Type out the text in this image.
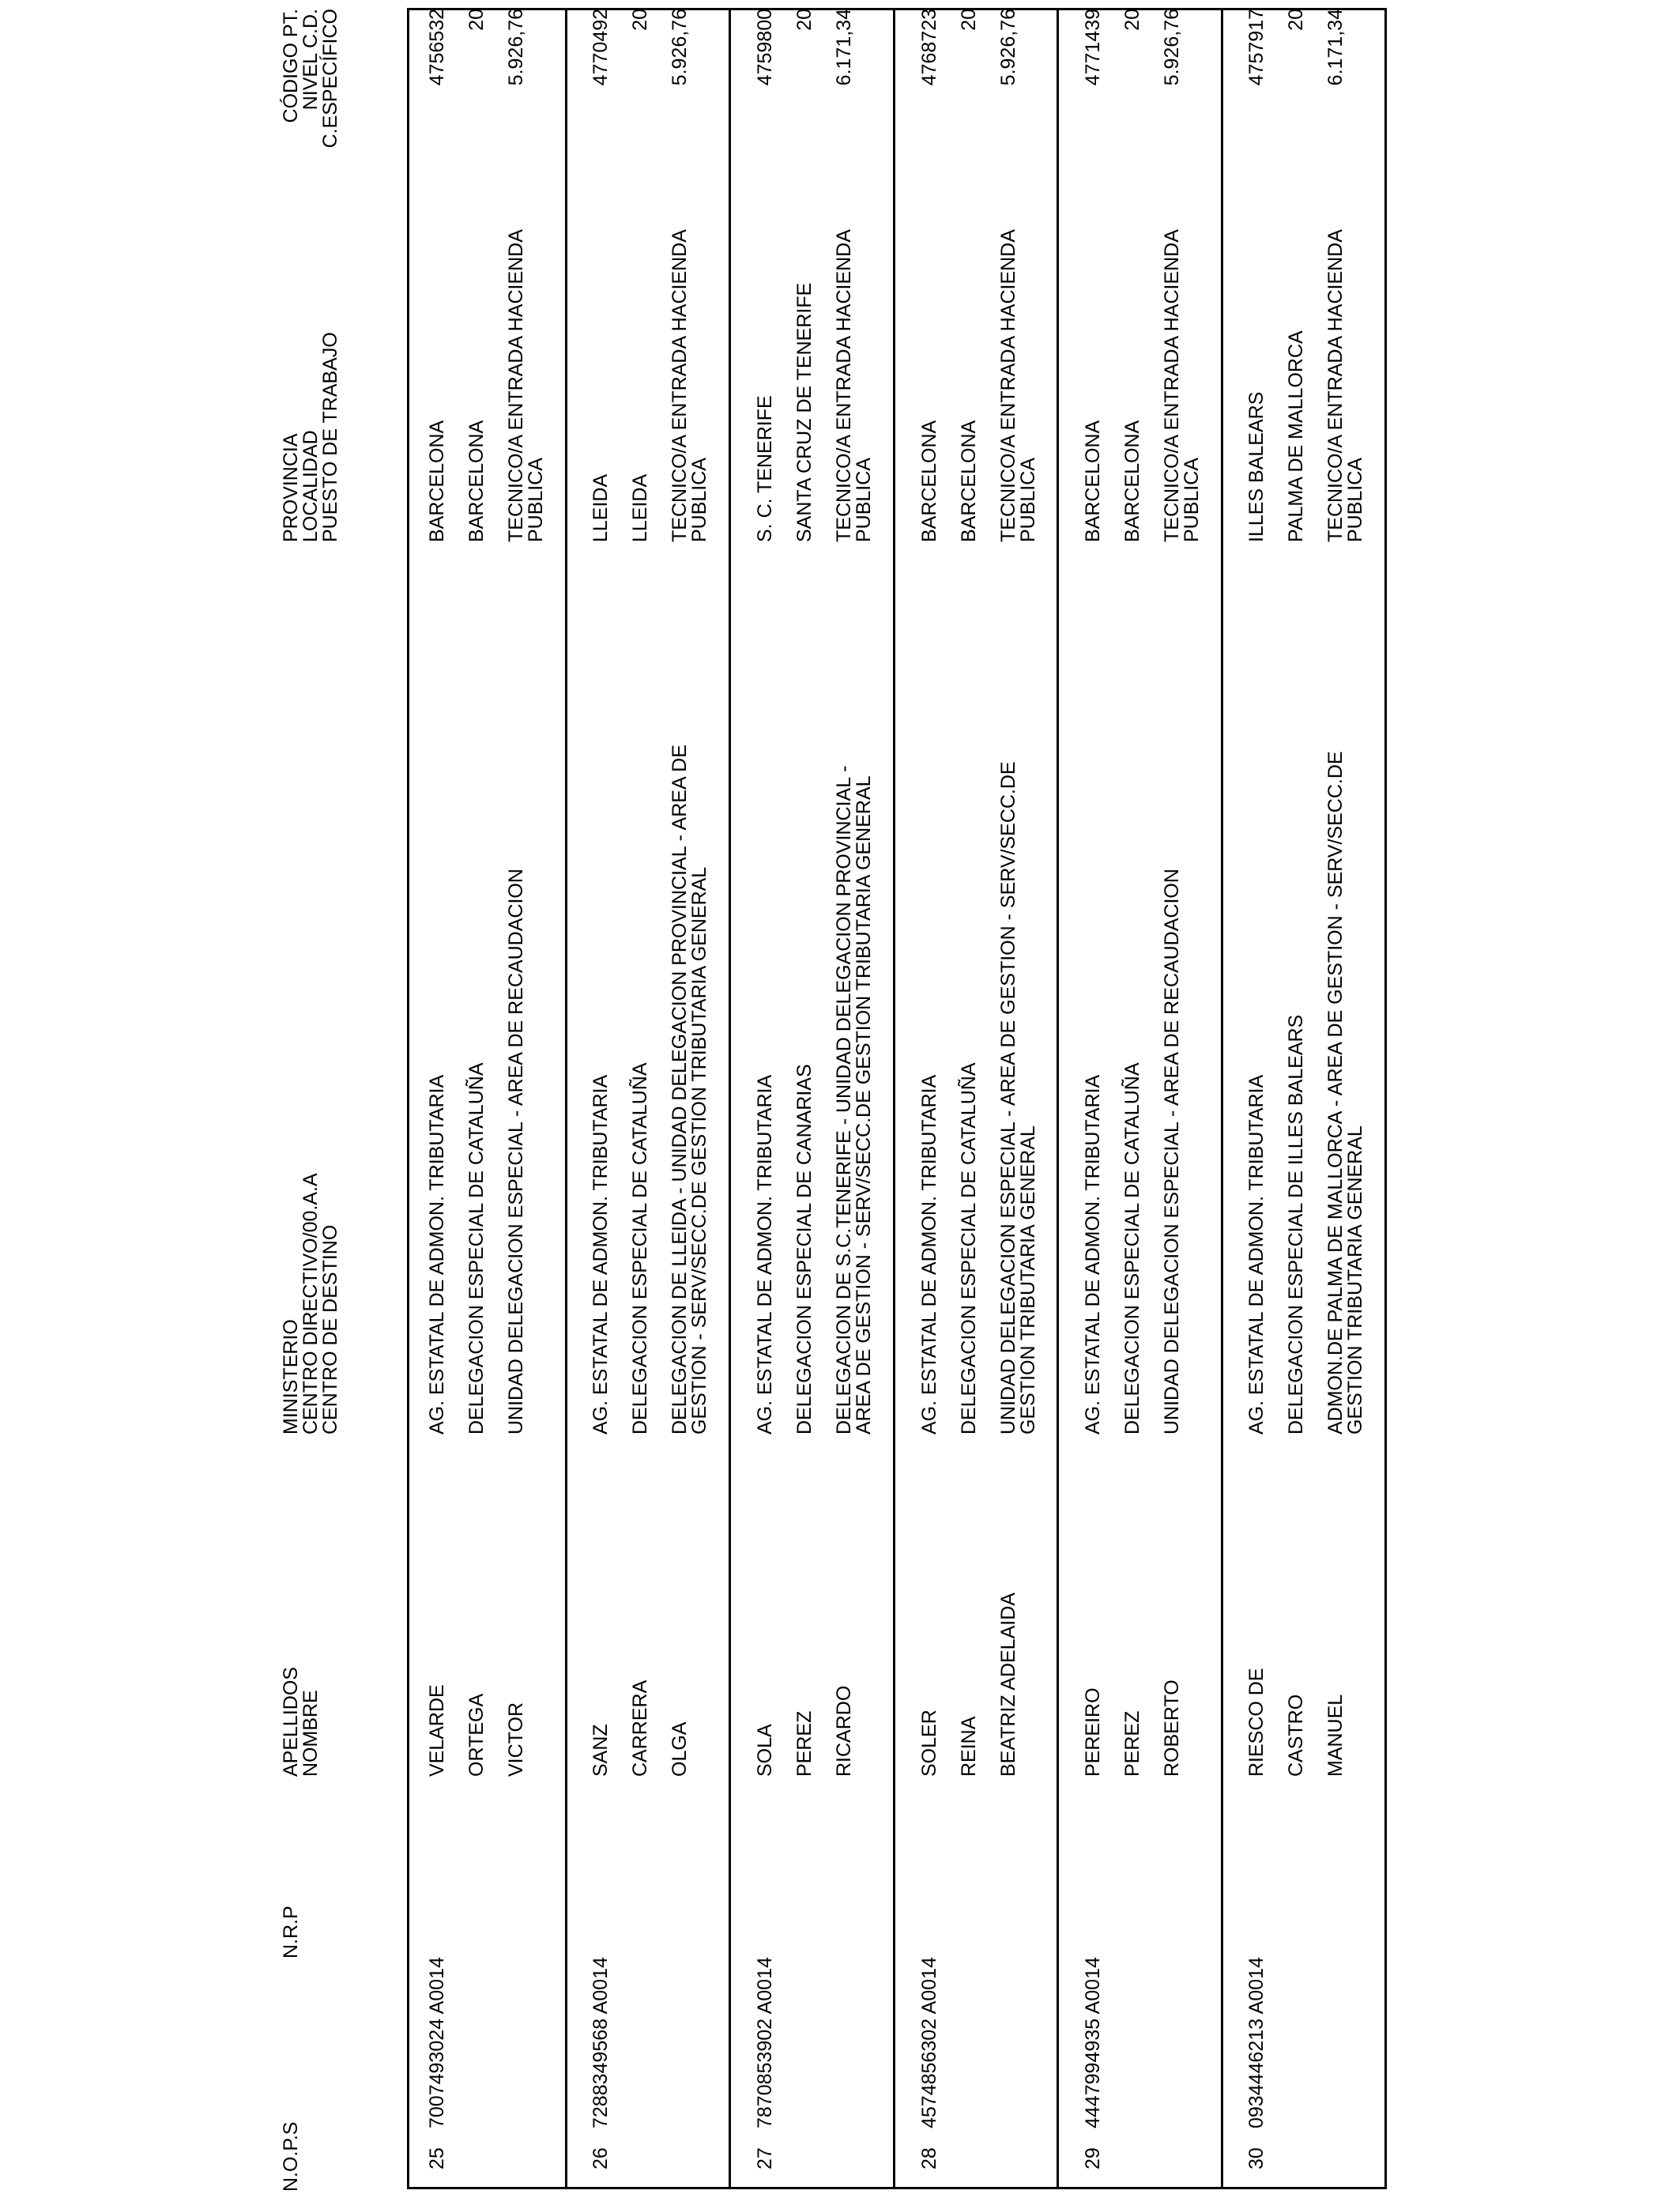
N.O.P.S
N.R.P
APELLIDOS
NOMBRE
MINISTERIO
CENTRO DIRECTIVO/00.A.A
CENTRO DE DESTINO
PROVINCIA
LOCALIDAD
PUESTO DE TRABAJO
CÓDIGO PT.
NIVEL C.D.
C.ESPECÍFICO
25
7007493024 A0014
VELARDE ORTEGA VICTOR
AG. ESTATAL DE ADMON. TRIBUTARIA DELEGACION ESPECIAL DE CATALUÑA UNIDAD DELEGACION ESPECIAL - AREA DE RECAUDACION
BARCELONA BARCELONA TECNICO/A ENTRADA HACIENDA
PUBLICA
4756532 20 5.926,76
26
7288349568 A0014
SANZ CARRERA OLGA
AG. ESTATAL DE ADMON. TRIBUTARIA DELEGACION ESPECIAL DE CATALUÑA DELEGACION DE LLEIDA - UNIDAD DELEGACION PROVINCIAL - AREA DE
GESTION - SERV/SECC.DE GESTION TRIBUTARIA GENERAL
LLEIDA LLEIDA TECNICO/A ENTRADA HACIENDA
PUBLICA
4770492 20 5.926,76
27
7870853902 A0014
SOLA PEREZ RICARDO
AG. ESTATAL DE ADMON. TRIBUTARIA DELEGACION ESPECIAL DE CANARIAS DELEGACION DE S.C.TENERIFE - UNIDAD DELEGACION PROVINCIAL -
AREA DE GESTION - SERV/SECC.DE GESTION TRIBUTARIA GENERAL
S. C. TENERIFE SANTA CRUZ DE TENERIFE TECNICO/A ENTRADA HACIENDA
PUBLICA
4759800 20 6.171,34
28
4574856302 A0014
SOLER REINA BEATRIZ ADELAIDA
AG. ESTATAL DE ADMON. TRIBUTARIA DELEGACION ESPECIAL DE CATALUÑA UNIDAD DELEGACION ESPECIAL - AREA DE GESTION - SERV/SECC.DE
GESTION TRIBUTARIA GENERAL
BARCELONA BARCELONA TECNICO/A ENTRADA HACIENDA
PUBLICA
4768723 20 5.926,76
29
4447994935 A0014
PEREIRO PEREZ ROBERTO
AG. ESTATAL DE ADMON. TRIBUTARIA DELEGACION ESPECIAL DE CATALUÑA UNIDAD DELEGACION ESPECIAL - AREA DE RECAUDACION
BARCELONA BARCELONA TECNICO/A ENTRADA HACIENDA
PUBLICA
4771439 20 5.926,76
30
0934446213 A0014
RIESCO DE CASTRO MANUEL
AG. ESTATAL DE ADMON. TRIBUTARIA DELEGACION ESPECIAL DE ILLES BALEARS ADMON.DE PALMA DE MALLORCA - AREA DE GESTION - SERV/SECC.DE
GESTION TRIBUTARIA GENERAL
ILLES BALEARS PALMA DE MALLORCA TECNICO/A ENTRADA HACIENDA
PUBLICA
4757917 20 6.171,34
